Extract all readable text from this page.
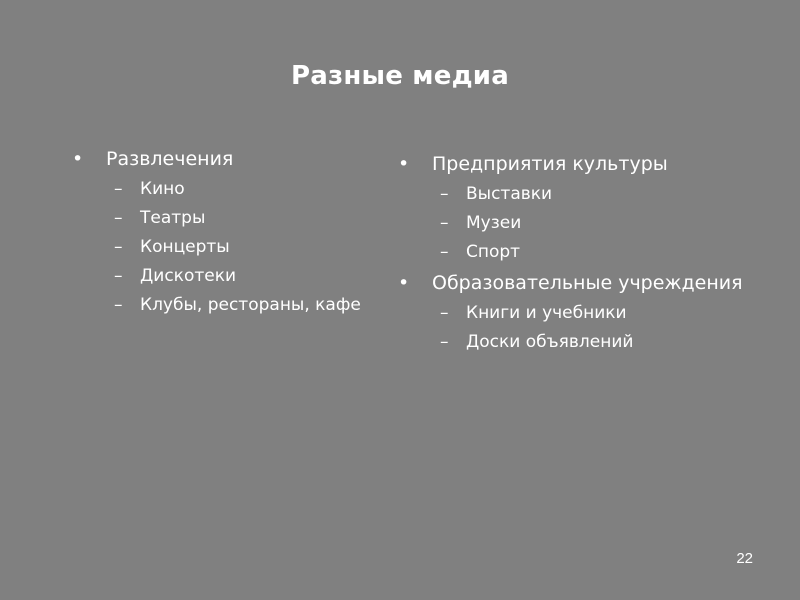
Разные медиа
•	Развлечения
– Кино
– Театры
– Концерты
– Дискотеки
– Клубы, рестораны, кафе
•	Предприятия культуры
– Выставки
– Музеи
– Спорт
•	Образовательные учреждения
– Книги и учебники
– Доски объявлений
22
